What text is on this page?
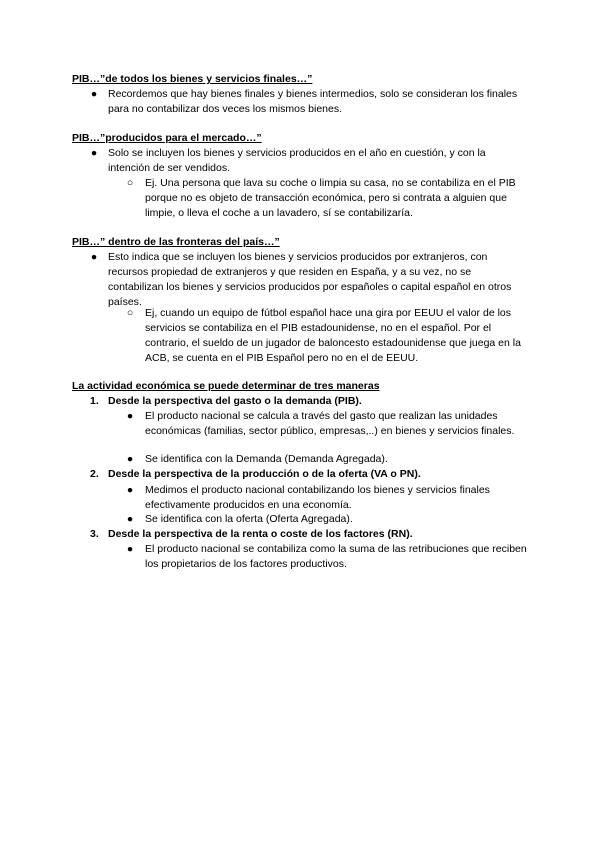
PIB…”de todos los bienes y servicios finales…”
● Recordemos que hay bienes finales y bienes intermedios, solo se consideran los finales para no contabilizar dos veces los mismos bienes.
PIB…”producidos para el mercado…”
● Solo se incluyen los bienes y servicios producidos en el año en cuestión, y con la intención de ser vendidos.
○ Ej. Una persona que lava su coche o limpia su casa, no se contabiliza en el PIB porque no es objeto de transacción económica, pero si contrata a alguien que limpie, o lleva el coche a un lavadero, sí se contabilizaría.
PIB…” dentro de las fronteras del país…”
● Esto indica que se incluyen los bienes y servicios producidos por extranjeros, con recursos propiedad de extranjeros y que residen en España, y a su vez, no se contabilizan los bienes y servicios producidos por españoles o capital español en otros países.
○ Ej, cuando un equipo de fútbol español hace una gira por EEUU el valor de los servicios se contabiliza en el PIB estadounidense, no en el español. Por el contrario, el sueldo de un jugador de baloncesto estadounidense que juega en la ACB, se cuenta en el PIB Español pero no en el de EEUU.
La actividad económica se puede determinar de tres maneras
1. Desde la perspectiva del gasto o la demanda (PIB).
● El producto nacional se calcula a través del gasto que realizan las unidades económicas (familias, sector público, empresas,..) en bienes y servicios finales.
● Se identifica con la Demanda (Demanda Agregada).
2. Desde la perspectiva de la producción o de la oferta (VA o PN).
● Medimos el producto nacional contabilizando los bienes y servicios finales efectivamente producidos en una economía.
● Se identifica con la oferta (Oferta Agregada).
3. Desde la perspectiva de la renta o coste de los factores (RN).
● El producto nacional se contabiliza como la suma de las retribuciones que reciben los propietarios de los factores productivos.
